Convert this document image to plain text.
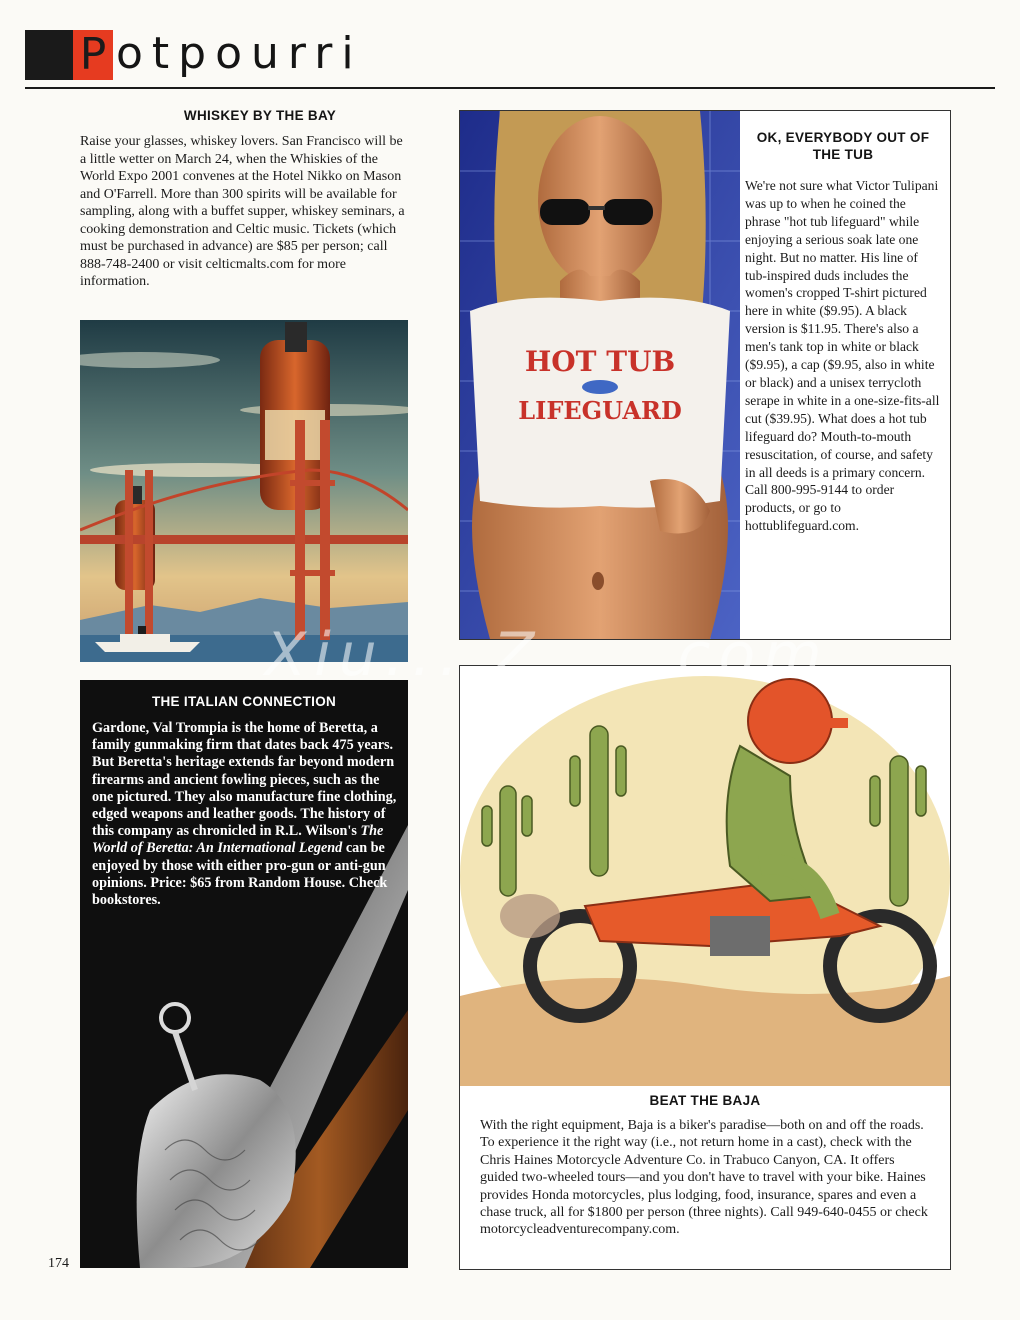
P otpourri
WHISKEY BY THE BAY

Raise your glasses, whiskey lovers. San Francisco will be a little wetter on March 24, when the Whiskies of the World Expo 2001 convenes at the Hotel Nikko on Mason and O'Farrell. More than 300 spirits will be available for sampling, along with a buffet supper, whiskey seminars, a cooking demonstration and Celtic music. Tickets (which must be purchased in advance) are $85 per person; call 888-748-2400 or visit celticmalts.com for more information.

HOT TUB
LIFEGUARD
OK, EVERYBODY OUT OF THE TUB

We're not sure what Victor Tulipani was up to when he coined the phrase "hot tub lifeguard" while enjoying a serious soak late one night. But no matter. His line of tub-inspired duds includes the women's cropped T-shirt pictured here in white ($9.95). A black version is $11.95. There's also a men's tank top in white or black ($9.95), a cap ($9.95, also in white or black) and a unisex terrycloth serape in white in a one-size-fits-all cut ($39.95). What does a hot tub lifeguard do? Mouth-to-mouth resuscitation, of course, and safety in all deeds is a primary concern. Call 800-995-9144 to order products, or go to hottublifeguard.com.

THE ITALIAN CONNECTION

Gardone, Val Trompia is the home of Beretta, a family gunmaking firm that dates back 475 years. But Beretta's heritage extends far beyond modern firearms and ancient fowling pieces, such as the one pictured. They also manufacture fine clothing, edged weapons and leather goods. The history of this company as chronicled in R.L. Wilson's The World of Beretta: An International Legend can be enjoyed by those with either pro-gun or anti-gun opinions. Price: $65 from Random House. Check bookstores.

BEAT THE BAJA

With the right equipment, Baja is a biker's paradise—both on and off the roads. To experience it the right way (i.e., not return home in a cast), check with the Chris Haines Motorcycle Adventure Co. in Trabuco Canyon, CA. It offers guided two-wheeled tours—and you don't have to travel with your bike. Haines provides Honda motorcycles, plus lodging, food, insurance, spares and even a chase truck, all for $1800 per person (three nights). Call 949-640-0455 or check motorcycleadventurecompany.com.

174
Xiu... Z... .com
